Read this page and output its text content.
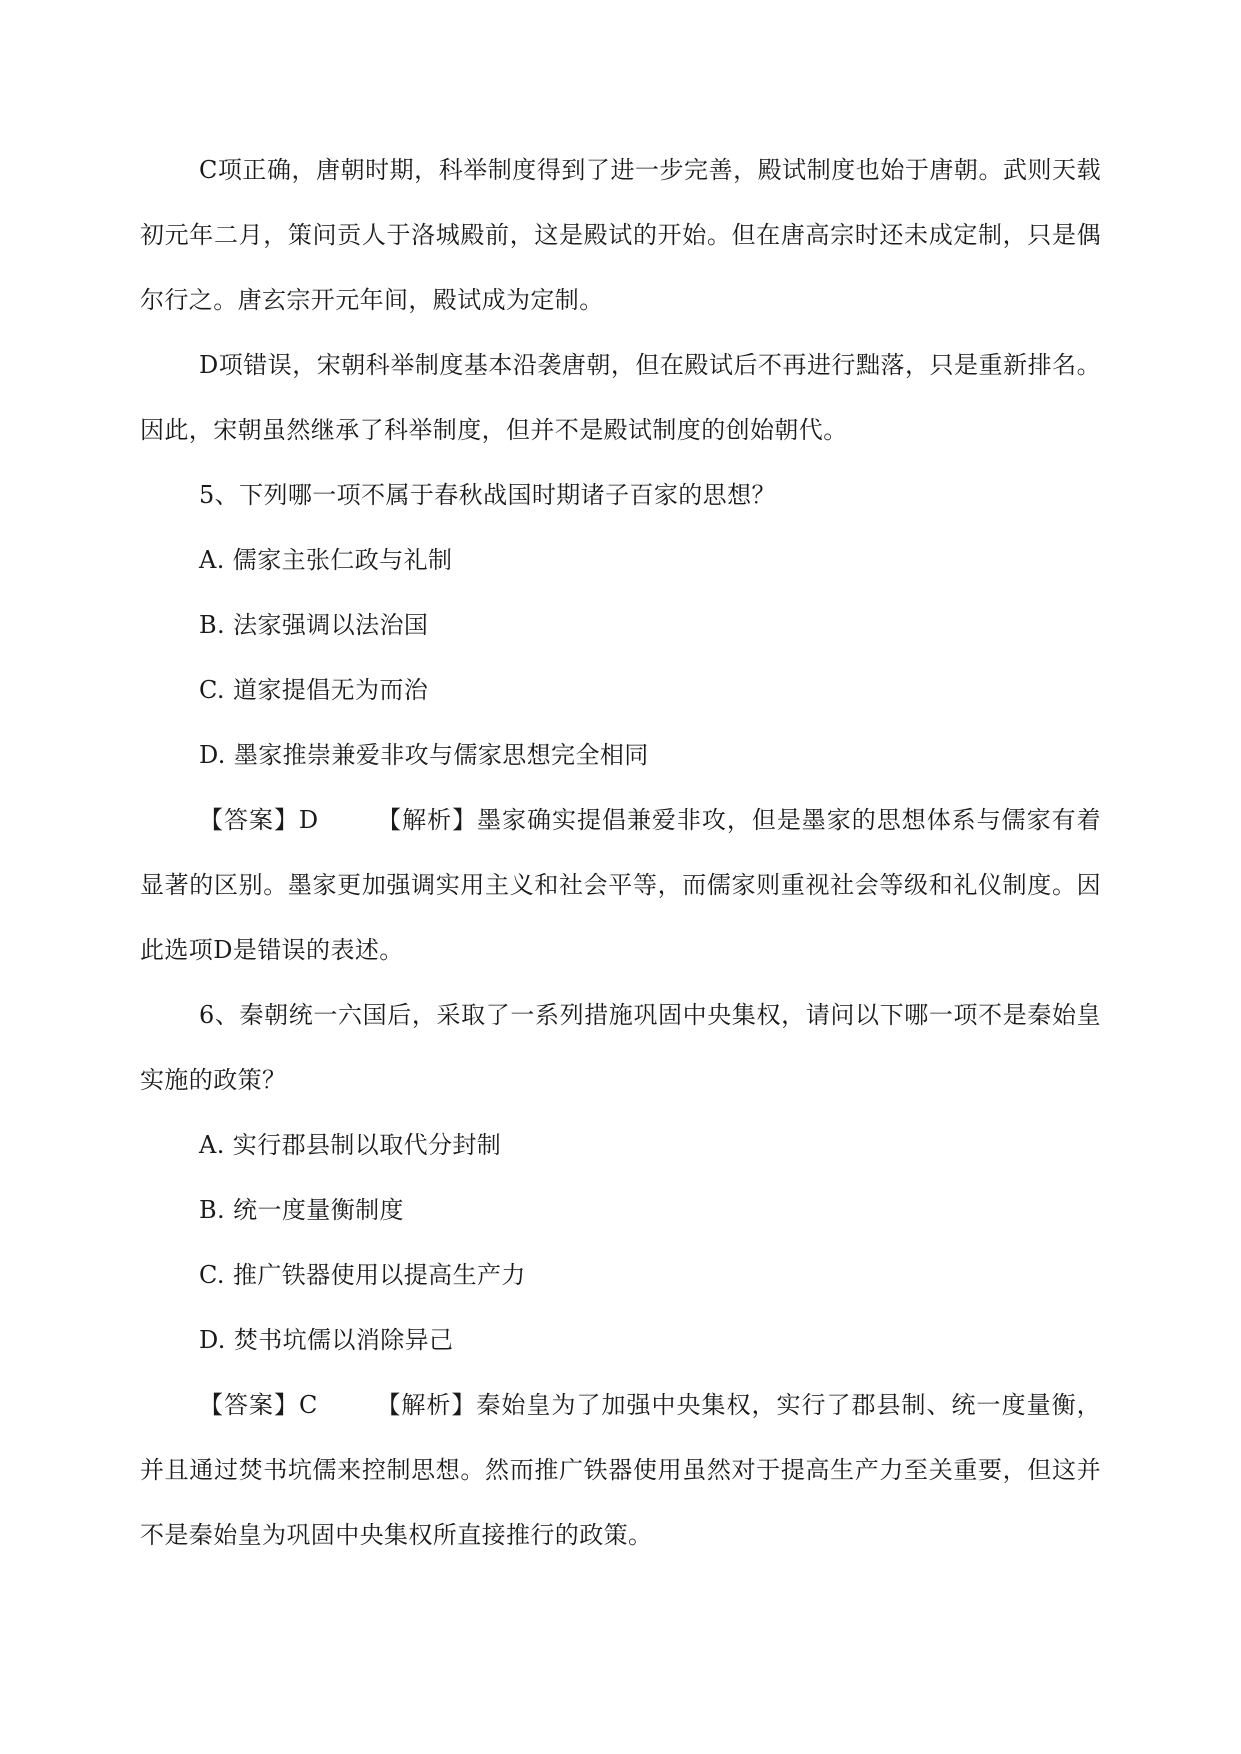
C项正确，唐朝时期，科举制度得到了进一步完善，殿试制度也始于唐朝。武则天载初元年二月，策问贡人于洛城殿前，这是殿试的开始。但在唐高宗时还未成定制，只是偶尔行之。唐玄宗开元年间，殿试成为定制。

D项错误，宋朝科举制度基本沿袭唐朝，但在殿试后不再进行黜落，只是重新排名。因此，宋朝虽然继承了科举制度，但并不是殿试制度的创始朝代。

5、下列哪一项不属于春秋战国时期诸子百家的思想？

A. 儒家主张仁政与礼制

B. 法家强调以法治国

C. 道家提倡无为而治

D. 墨家推崇兼爱非攻与儒家思想完全相同

【答案】D 【解析】墨家确实提倡兼爱非攻，但是墨家的思想体系与儒家有着显著的区别。墨家更加强调实用主义和社会平等，而儒家则重视社会等级和礼仪制度。因此选项D是错误的表述。

6、秦朝统一六国后，采取了一系列措施巩固中央集权，请问以下哪一项不是秦始皇实施的政策？

A. 实行郡县制以取代分封制

B. 统一度量衡制度

C. 推广铁器使用以提高生产力

D. 焚书坑儒以消除异己

【答案】C 【解析】秦始皇为了加强中央集权，实行了郡县制、统一度量衡，并且通过焚书坑儒来控制思想。然而推广铁器使用虽然对于提高生产力至关重要，但这并不是秦始皇为巩固中央集权所直接推行的政策。
